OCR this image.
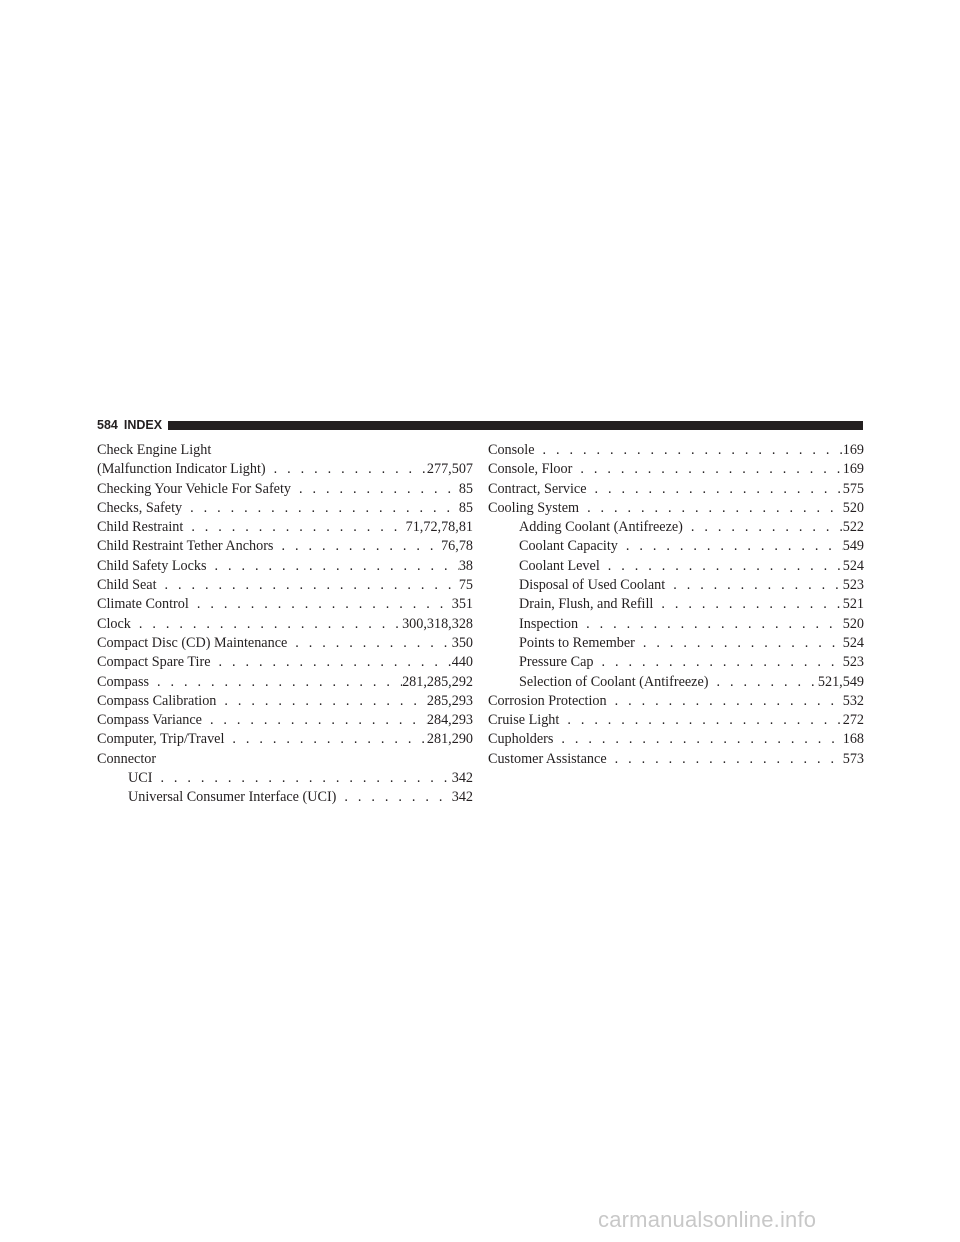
584 INDEX
Check Engine Light
(Malfunction Indicator Light) . . .	277,507
Checking Your Vehicle For Safety . . .	85
Checks, Safety . . .	85
Child Restraint . . .	71,72,78,81
Child Restraint Tether Anchors . . .	76,78
Child Safety Locks . . .	38
Child Seat . . .	75
Climate Control . . .	351
Clock . . .	300,318,328
Compact Disc (CD) Maintenance . . .	350
Compact Spare Tire . . .	440
Compass . . .	281,285,292
Compass Calibration . . .	285,293
Compass Variance . . .	284,293
Computer, Trip/Travel . . .	281,290
Connector
UCI . . .	342
Universal Consumer Interface (UCI) . . .	342
Console . . .	169
Console, Floor . . .	169
Contract, Service . . .	575
Cooling System . . .	520
Adding Coolant (Antifreeze) . . .	522
Coolant Capacity . . .	549
Coolant Level . . .	524
Disposal of Used Coolant . . .	523
Drain, Flush, and Refill . . .	521
Inspection . . .	520
Points to Remember . . .	524
Pressure Cap . . .	523
Selection of Coolant (Antifreeze) . . .	521,549
Corrosion Protection . . .	532
Cruise Light . . .	272
Cupholders . . .	168
Customer Assistance . . .	573
carmanualsonline.info
